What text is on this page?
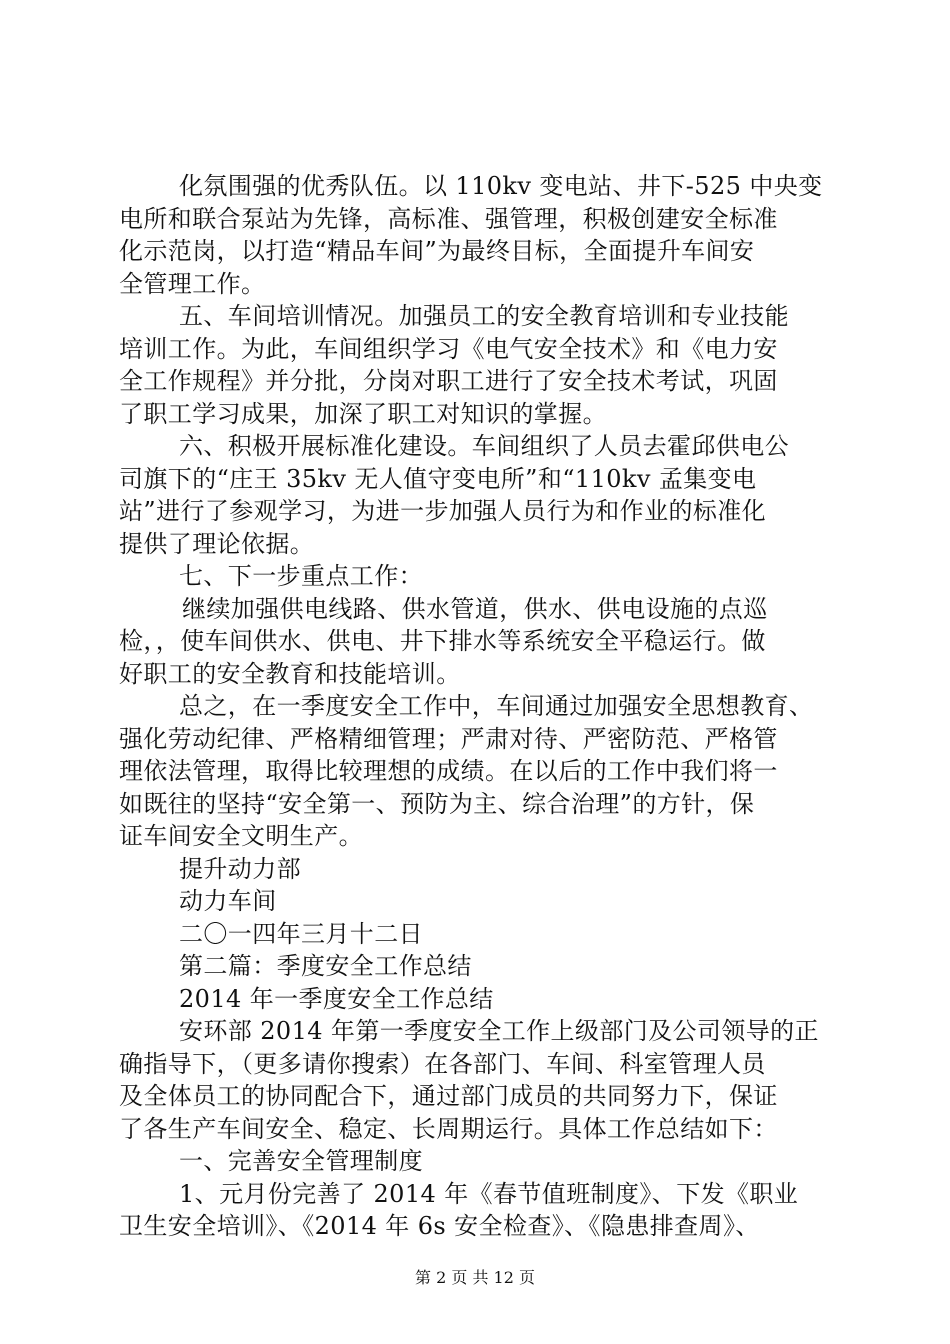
化氛围强的优秀队伍。以 110kv 变电站、井下-525 中央变
电所和联合泵站为先锋，高标准、强管理，积极创建安全标准
化示范岗，以打造“精品车间”为最终目标，全面提升车间安
全管理工作。
五、车间培训情况。加强员工的安全教育培训和专业技能
培训工作。为此，车间组织学习《电气安全技术》和《电力安
全工作规程》并分批，分岗对职工进行了安全技术考试，巩固
了职工学习成果，加深了职工对知识的掌握。
六、积极开展标准化建设。车间组织了人员去霍邱供电公
司旗下的“庄王 35kv 无人值守变电所”和“110kv 孟集变电
站”进行了参观学习，为进一步加强人员行为和作业的标准化
提供了理论依据。
七、下一步重点工作：
继续加强供电线路、供水管道，供水、供电设施的点巡
检，，使车间供水、供电、井下排水等系统安全平稳运行。做
好职工的安全教育和技能培训。
总之，在一季度安全工作中，车间通过加强安全思想教育、
强化劳动纪律、严格精细管理；严肃对待、严密防范、严格管
理依法管理，取得比较理想的成绩。在以后的工作中我们将一
如既往的坚持“安全第一、预防为主、综合治理”的方针，保
证车间安全文明生产。
提升动力部
动力车间
二〇一四年三月十二日
第二篇：季度安全工作总结
2014 年一季度安全工作总结
安环部 2014 年第一季度安全工作上级部门及公司领导的正
确指导下，（更多请你搜索）在各部门、车间、科室管理人员
及全体员工的协同配合下，通过部门成员的共同努力下，保证
了各生产车间安全、稳定、长周期运行。具体工作总结如下：
一、完善安全管理制度
1、元月份完善了 2014 年《春节值班制度》、下发《职业
卫生安全培训》、《2014 年 6s 安全检查》、《隐患排查周》、
第 2 页 共 12 页
